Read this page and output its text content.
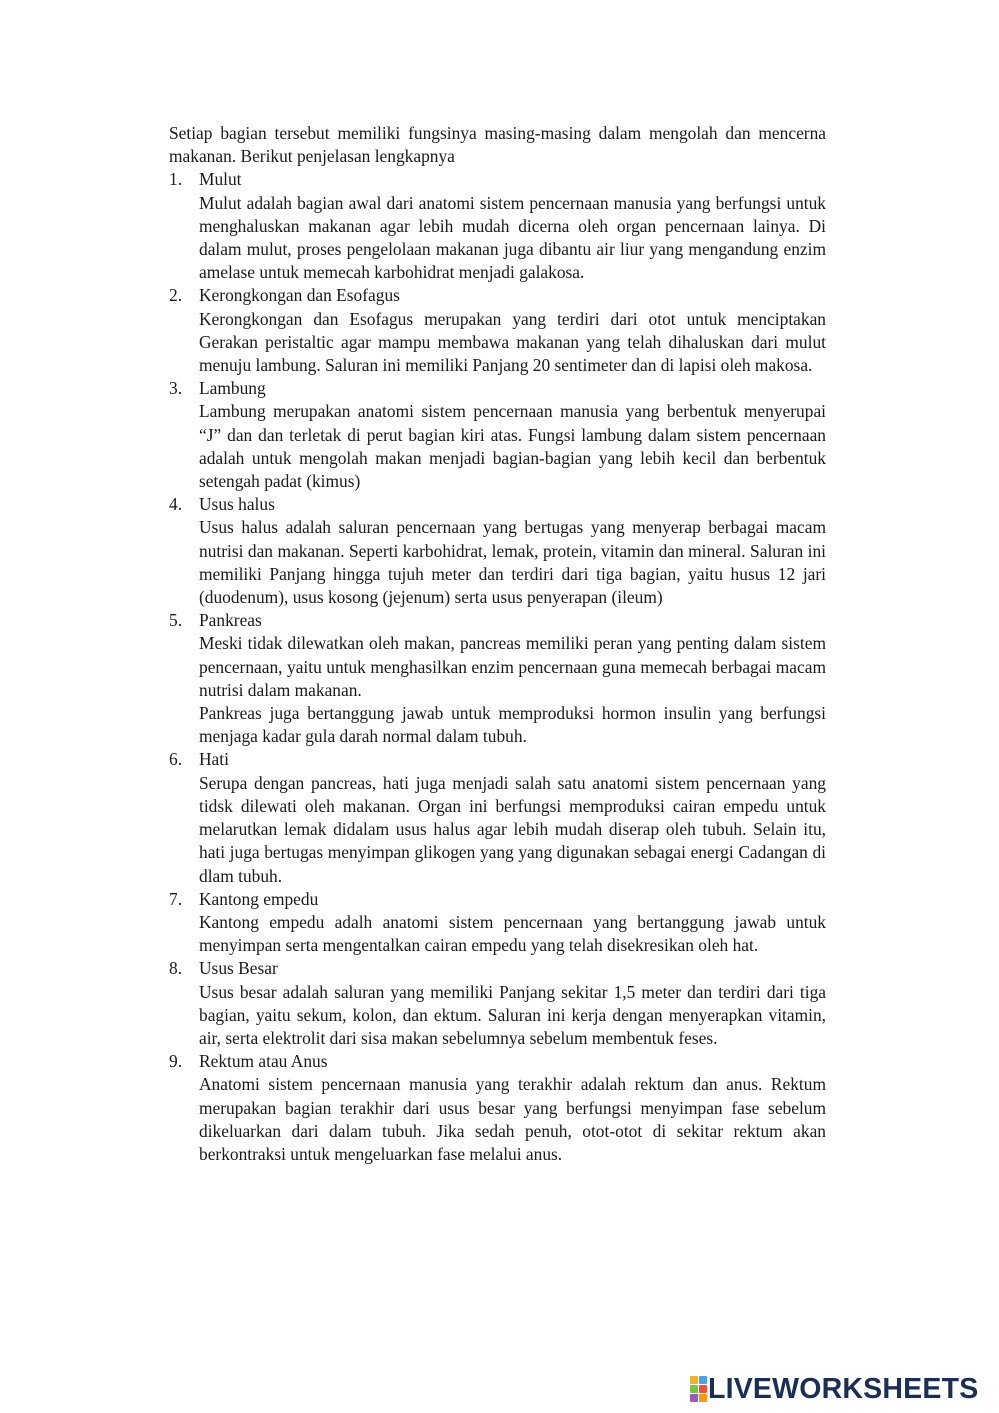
Setiap bagian tersebut memiliki fungsinya masing-masing dalam mengolah dan mencerna makanan. Berikut penjelasan lengkapnya

1. Mulut
Mulut adalah bagian awal dari anatomi sistem pencernaan manusia yang berfungsi untuk menghaluskan makanan agar lebih mudah dicerna oleh organ pencernaan lainya. Di dalam mulut, proses pengelolaan makanan juga dibantu air liur yang mengandung enzim amelase untuk memecah karbohidrat menjadi galakosa.
2. Kerongkongan dan Esofagus
Kerongkongan dan Esofagus merupakan yang terdiri dari otot untuk menciptakan Gerakan peristaltic agar mampu membawa makanan yang telah dihaluskan dari mulut menuju lambung. Saluran ini memiliki Panjang 20 sentimeter dan di lapisi oleh makosa.
3. Lambung
Lambung merupakan anatomi sistem pencernaan manusia yang berbentuk menyerupai “J” dan dan terletak di perut bagian kiri atas. Fungsi lambung dalam sistem pencernaan adalah untuk mengolah makan menjadi bagian-bagian yang lebih kecil dan berbentuk setengah padat (kimus)
4. Usus halus
Usus halus adalah saluran pencernaan yang bertugas yang menyerap berbagai macam nutrisi dan makanan. Seperti karbohidrat, lemak, protein, vitamin dan mineral. Saluran ini memiliki Panjang hingga tujuh meter dan terdiri dari tiga bagian, yaitu husus 12 jari (duodenum), usus kosong (jejenum) serta usus penyerapan (ileum)
5. Pankreas
Meski tidak dilewatkan oleh makan, pancreas memiliki peran yang penting dalam sistem pencernaan, yaitu untuk menghasilkan enzim pencernaan guna memecah berbagai macam nutrisi dalam makanan.
Pankreas juga bertanggung jawab untuk memproduksi hormon insulin yang berfungsi menjaga kadar gula darah normal dalam tubuh.
6. Hati
Serupa dengan pancreas, hati juga menjadi salah satu anatomi sistem pencernaan yang tidsk dilewati oleh makanan. Organ ini berfungsi memproduksi cairan empedu untuk melarutkan lemak didalam usus halus agar lebih mudah diserap oleh tubuh. Selain itu, hati juga bertugas menyimpan glikogen yang yang digunakan sebagai energi Cadangan di dlam tubuh.
7. Kantong empedu
Kantong empedu adalh anatomi sistem pencernaan yang bertanggung jawab untuk menyimpan serta mengentalkan cairan empedu yang telah disekresikan oleh hat.
8. Usus Besar
Usus besar adalah saluran yang memiliki Panjang sekitar 1,5 meter dan terdiri dari tiga bagian, yaitu sekum, kolon, dan ektum. Saluran ini kerja dengan menyerapkan vitamin, air, serta elektrolit dari sisa makan sebelumnya sebelum membentuk feses.
9. Rektum atau Anus
Anatomi sistem pencernaan manusia yang terakhir adalah rektum dan anus. Rektum merupakan bagian terakhir dari usus besar yang berfungsi menyimpan fase sebelum dikeluarkan dari dalam tubuh. Jika sedah penuh, otot-otot di sekitar rektum akan berkontraksi untuk mengeluarkan fase melalui anus.
LIVEWORKSHEETS
